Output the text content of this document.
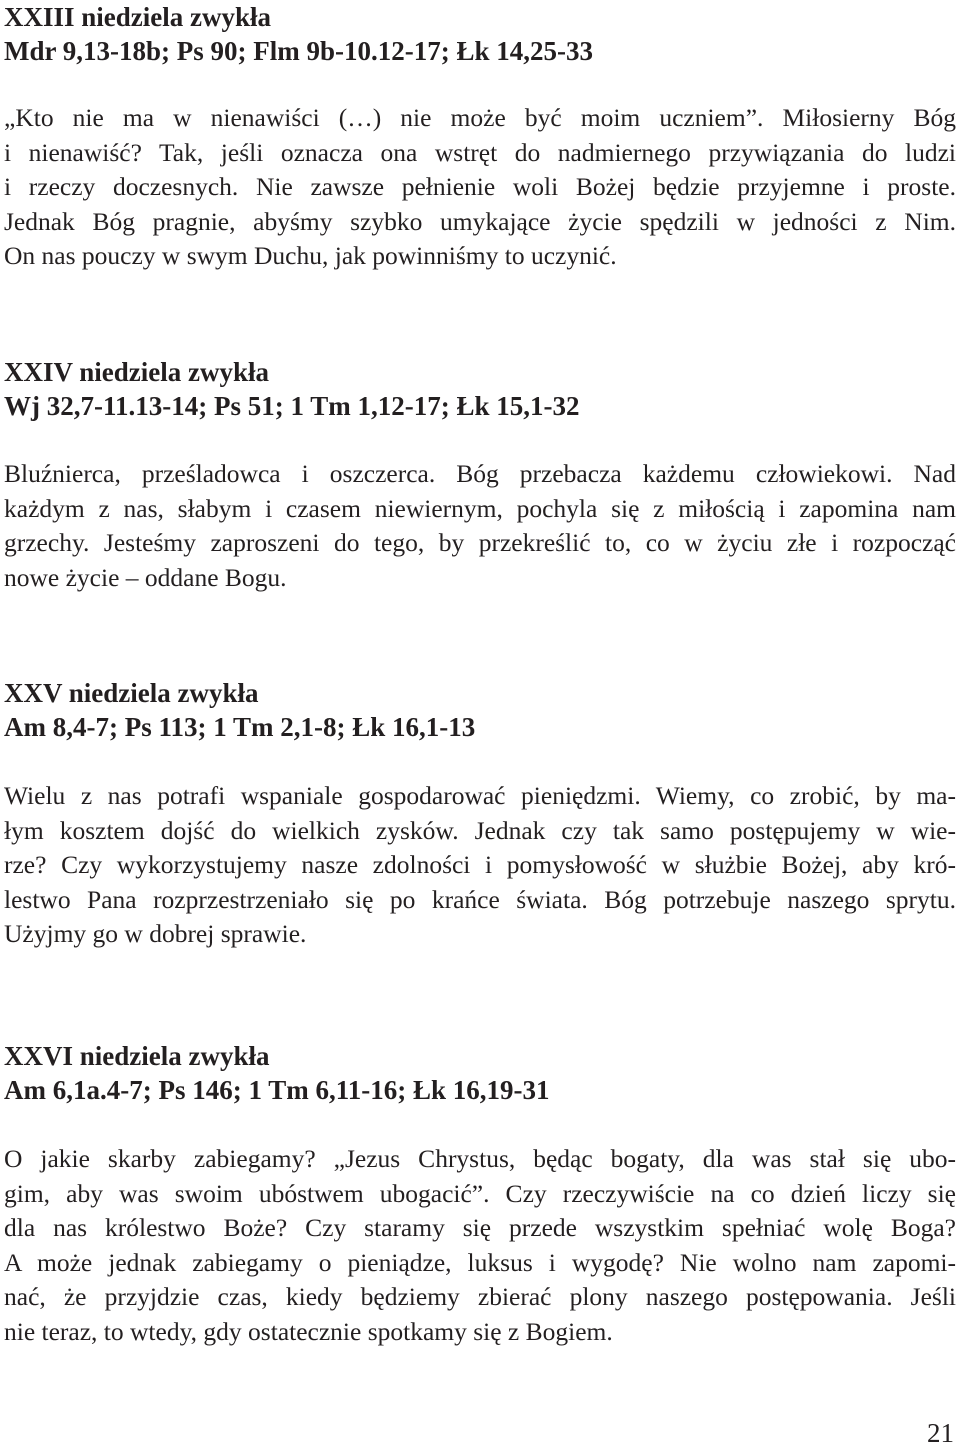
XXIII niedziela zwykła
Mdr 9,13-18b; Ps 90; Flm 9b-10.12-17; Łk 14,25-33

„Kto nie ma w nienawiści (…) nie może być moim uczniem”. Miłosierny Bóg
i nienawiść? Tak, jeśli oznacza ona wstręt do nadmiernego przywiązania do ludzi
i rzeczy doczesnych. Nie zawsze pełnienie woli Bożej będzie przyjemne i proste.
Jednak Bóg pragnie, abyśmy szybko umykające życie spędzili w jedności z Nim.
On nas pouczy w swym Duchu, jak powinniśmy to uczynić.

XXIV niedziela zwykła
Wj 32,7-11.13-14; Ps 51; 1 Tm 1,12-17; Łk 15,1-32

Bluźnierca, prześladowca i oszczerca. Bóg przebacza każdemu człowiekowi. Nad
każdym z nas, słabym i czasem niewiernym, pochyla się z miłością i zapomina nam
grzechy. Jesteśmy zaproszeni do tego, by przekreślić to, co w życiu złe i rozpocząć
nowe życie – oddane Bogu.

XXV niedziela zwykła
Am 8,4-7; Ps 113; 1 Tm 2,1-8; Łk 16,1-13

Wielu z nas potrafi wspaniale gospodarować pieniędzmi. Wiemy, co zrobić, by ma-
łym kosztem dojść do wielkich zysków. Jednak czy tak samo postępujemy w wie-
rze? Czy wykorzystujemy nasze zdolności i pomysłowość w służbie Bożej, aby kró-
lestwo Pana rozprzestrzeniało się po krańce świata. Bóg potrzebuje naszego sprytu.
Użyjmy go w dobrej sprawie.

XXVI niedziela zwykła
Am 6,1a.4-7; Ps 146; 1 Tm 6,11-16; Łk 16,19-31

O jakie skarby zabiegamy? „Jezus Chrystus, będąc bogaty, dla was stał się ubo-
gim, aby was swoim ubóstwem ubogacić”. Czy rzeczywiście na co dzień liczy się
dla nas królestwo Boże? Czy staramy się przede wszystkim spełniać wolę Boga?
A może jednak zabiegamy o pieniądze, luksus i wygodę? Nie wolno nam zapomi-
nać, że przyjdzie czas, kiedy będziemy zbierać plony naszego postępowania. Jeśli
nie teraz, to wtedy, gdy ostatecznie spotkamy się z Bogiem.

21
